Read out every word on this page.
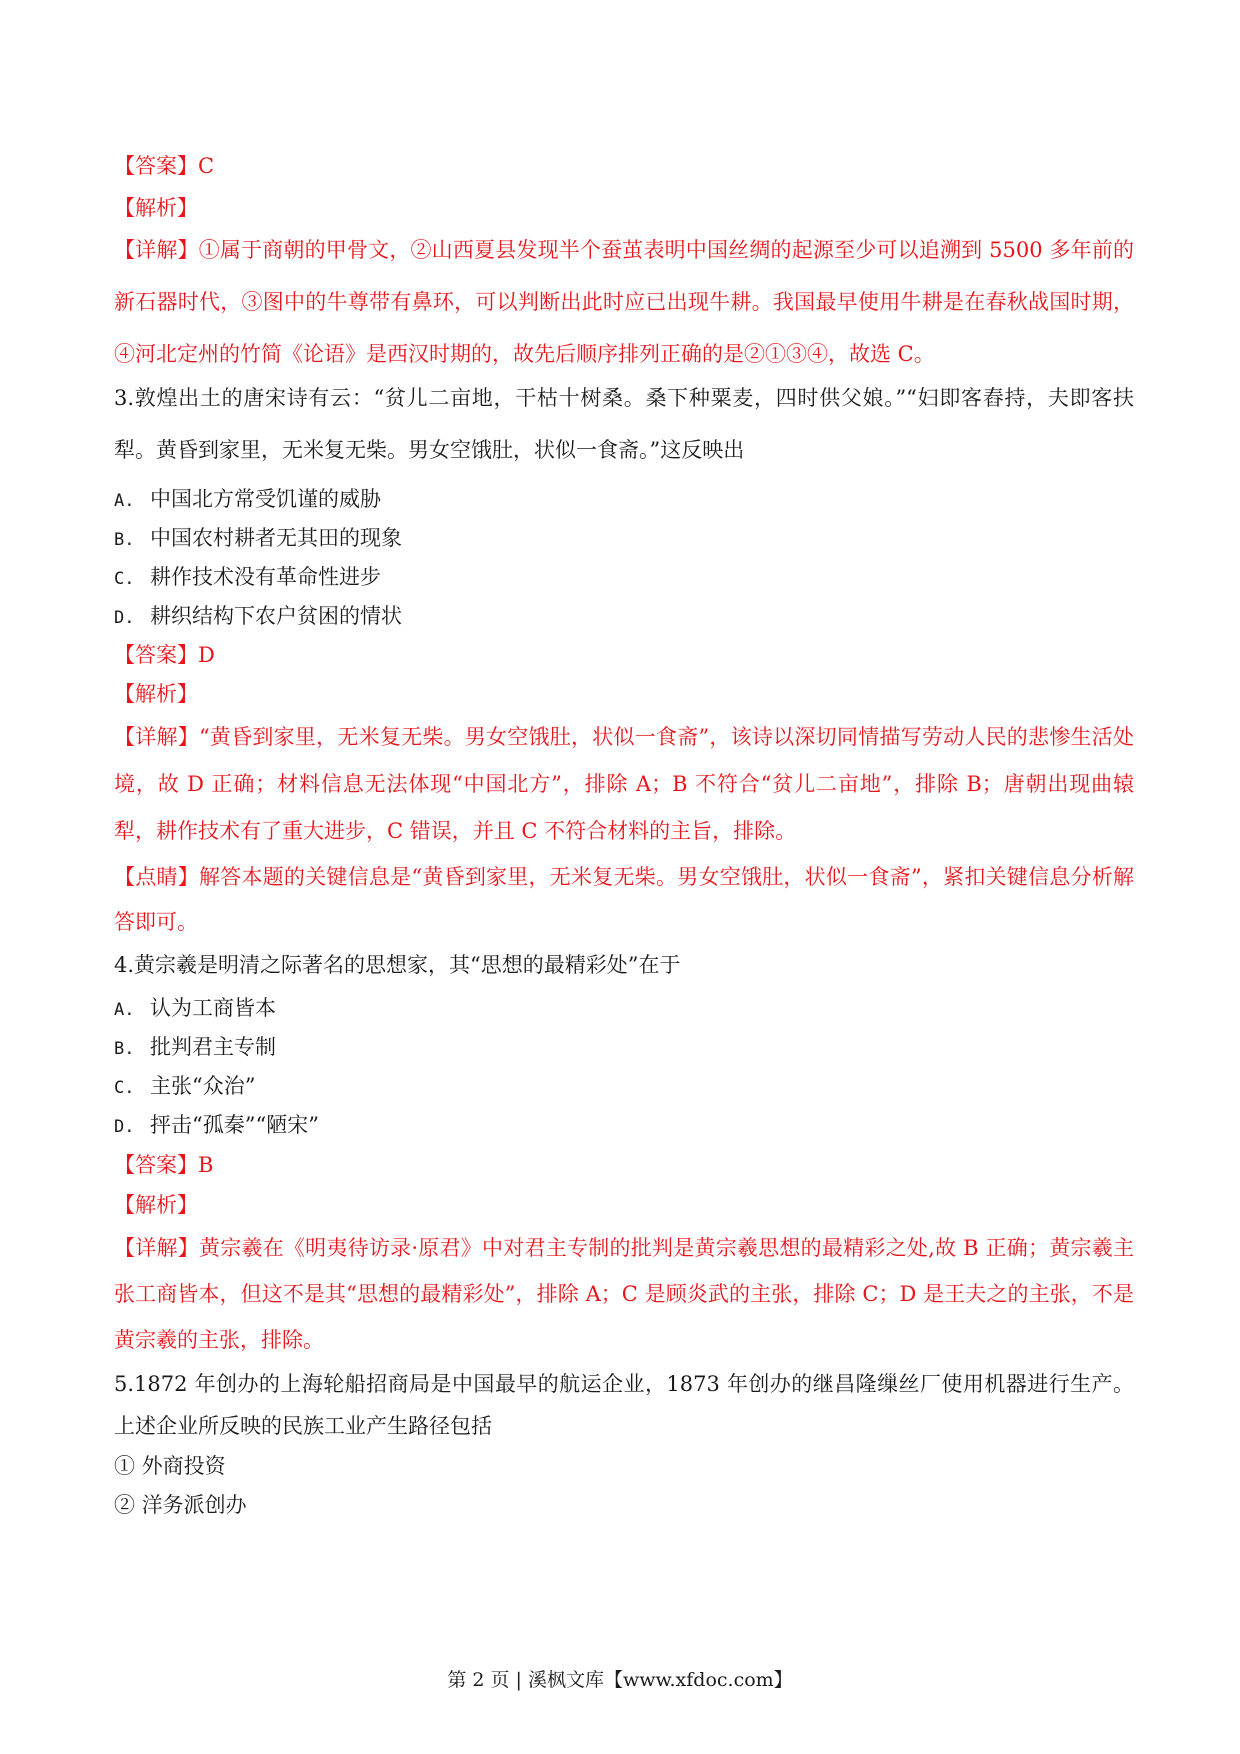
【答案】C
【解析】
【详解】①属于商朝的甲骨文，②山西夏县发现半个蚕茧表明中国丝绸的起源至少可以追溯到 5500 多年前的新石器时代，③图中的牛尊带有鼻环，可以判断出此时应已出现牛耕。我国最早使用牛耕是在春秋战国时期，④河北定州的竹简《论语》是西汉时期的，故先后顺序排列正确的是②①③④，故选 C。
3.敦煌出土的唐宋诗有云：“贫儿二亩地，干枯十树桑。桑下种粟麦，四时供父娘。”“妇即客舂持，夫即客扶犁。黄昏到家里，无米复无柴。男女空饿肚，状似一食斋。”这反映出
A. 中国北方常受饥谨的威胁
B. 中国农村耕者无其田的现象
C. 耕作技术没有革命性进步
D. 耕织结构下农户贫困的情状
【答案】D
【解析】
【详解】“黄昏到家里，无米复无柴。男女空饿肚，状似一食斋”，该诗以深切同情描写劳动人民的悲惨生活处境，故 D 正确；材料信息无法体现“中国北方”，排除 A；B 不符合“贫儿二亩地”，排除 B；唐朝出现曲辕犁，耕作技术有了重大进步，C 错误，并且 C 不符合材料的主旨，排除。
【点睛】解答本题的关键信息是“黄昏到家里，无米复无柴。男女空饿肚，状似一食斋”，紧扣关键信息分析解答即可。
4.黄宗羲是明清之际著名的思想家，其“思想的最精彩处”在于
A. 认为工商皆本
B. 批判君主专制
C. 主张“众治”
D. 抨击“孤秦”“陋宋”
【答案】B
【解析】
【详解】黄宗羲在《明夷待访录·原君》中对君主专制的批判是黄宗羲思想的最精彩之处,故 B 正确；黄宗羲主张工商皆本，但这不是其“思想的最精彩处”，排除 A；C 是顾炎武的主张，排除 C；D 是王夫之的主张，不是黄宗羲的主张，排除。
5.1872 年创办的上海轮船招商局是中国最早的航运企业，1873 年创办的继昌隆缫丝厂使用机器进行生产。上述企业所反映的民族工业产生路径包括
① 外商投资
② 洋务派创办
第 2 页 | 溪枫文库【www.xfdoc.com】
